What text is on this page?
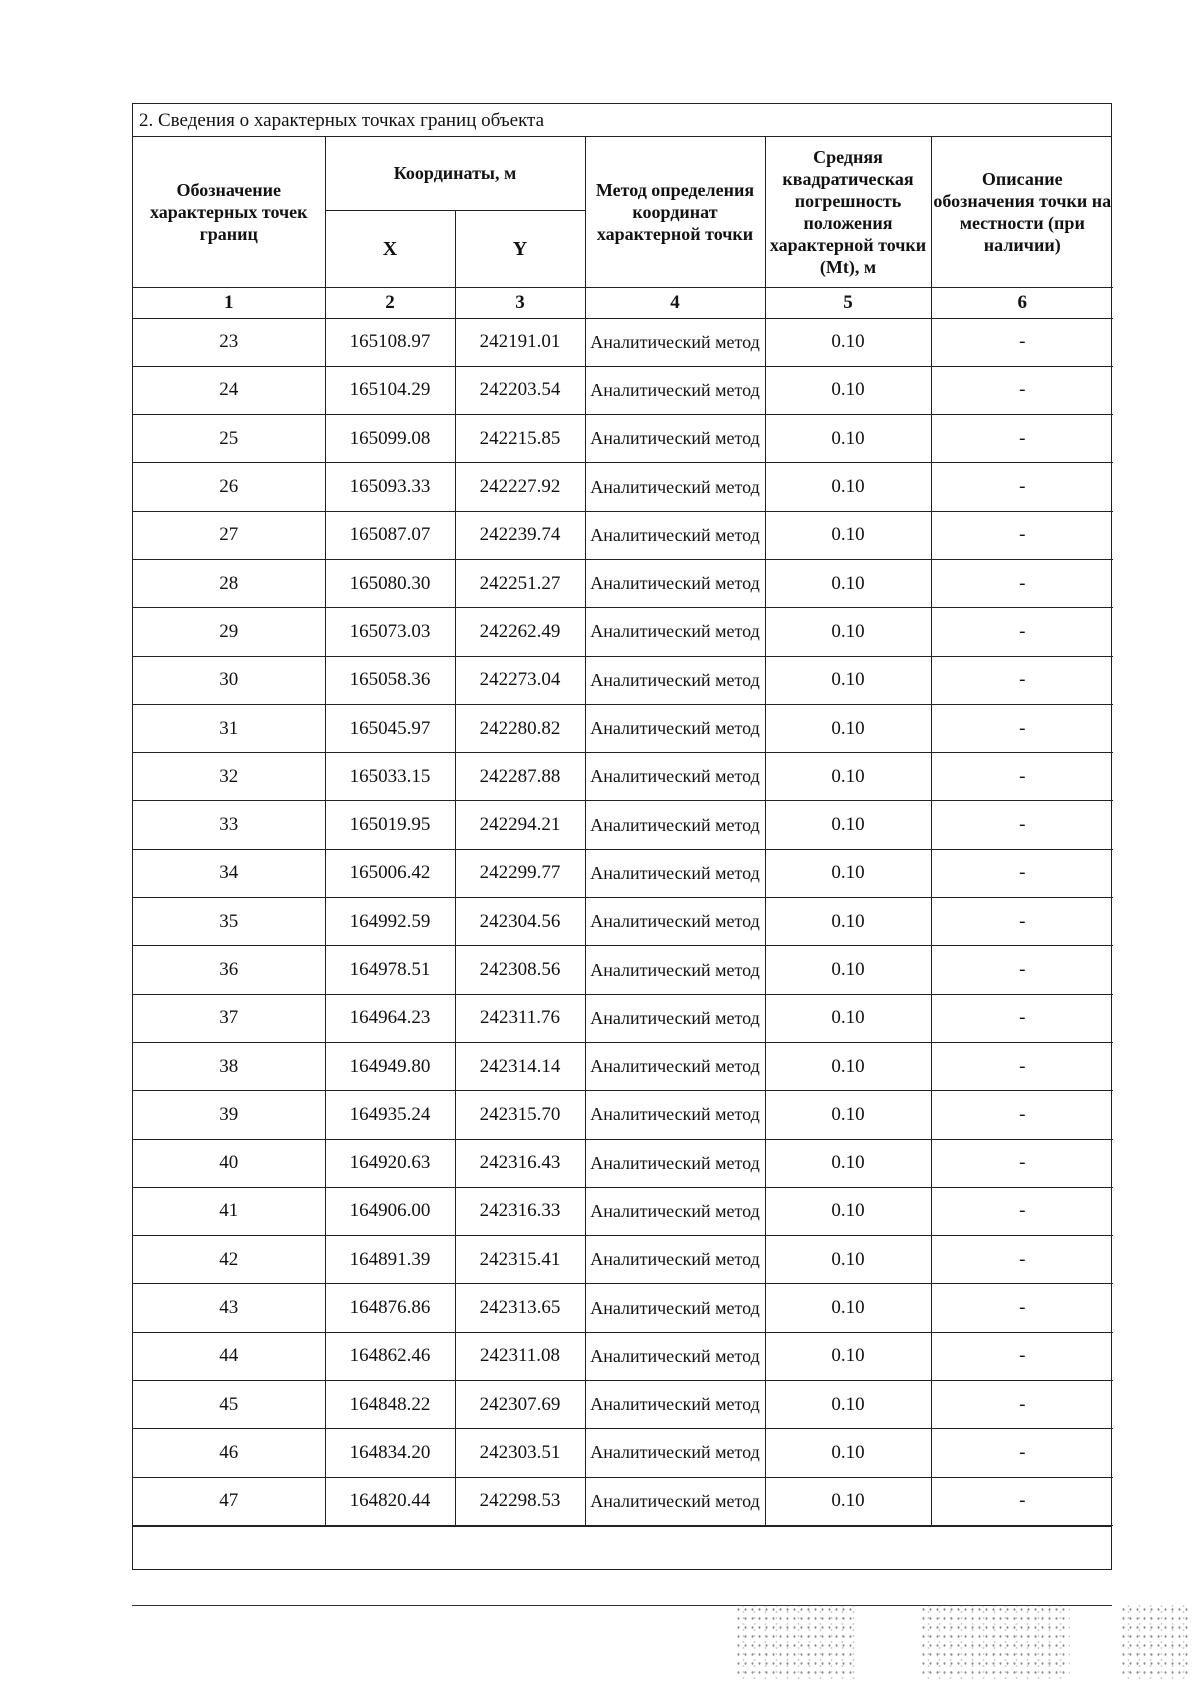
2. Сведения о характерных точках границ объекта
Обозначение характерных точек границ	Координаты, м		Метод определения координат характерной точки	Средняя квадратическая погрешность положения характерной точки (Mt), м	Описание обозначения точки на местности (при наличии)
	X	Y			
1	2	3	4	5	6
23	165108.97	242191.01	Аналитический метод	0.10	-
24	165104.29	242203.54	Аналитический метод	0.10	-
25	165099.08	242215.85	Аналитический метод	0.10	-
26	165093.33	242227.92	Аналитический метод	0.10	-
27	165087.07	242239.74	Аналитический метод	0.10	-
28	165080.30	242251.27	Аналитический метод	0.10	-
29	165073.03	242262.49	Аналитический метод	0.10	-
30	165058.36	242273.04	Аналитический метод	0.10	-
31	165045.97	242280.82	Аналитический метод	0.10	-
32	165033.15	242287.88	Аналитический метод	0.10	-
33	165019.95	242294.21	Аналитический метод	0.10	-
34	165006.42	242299.77	Аналитический метод	0.10	-
35	164992.59	242304.56	Аналитический метод	0.10	-
36	164978.51	242308.56	Аналитический метод	0.10	-
37	164964.23	242311.76	Аналитический метод	0.10	-
38	164949.80	242314.14	Аналитический метод	0.10	-
39	164935.24	242315.70	Аналитический метод	0.10	-
40	164920.63	242316.43	Аналитический метод	0.10	-
41	164906.00	242316.33	Аналитический метод	0.10	-
42	164891.39	242315.41	Аналитический метод	0.10	-
43	164876.86	242313.65	Аналитический метод	0.10	-
44	164862.46	242311.08	Аналитический метод	0.10	-
45	164848.22	242307.69	Аналитический метод	0.10	-
46	164834.20	242303.51	Аналитический метод	0.10	-
47	164820.44	242298.53	Аналитический метод	0.10	-
